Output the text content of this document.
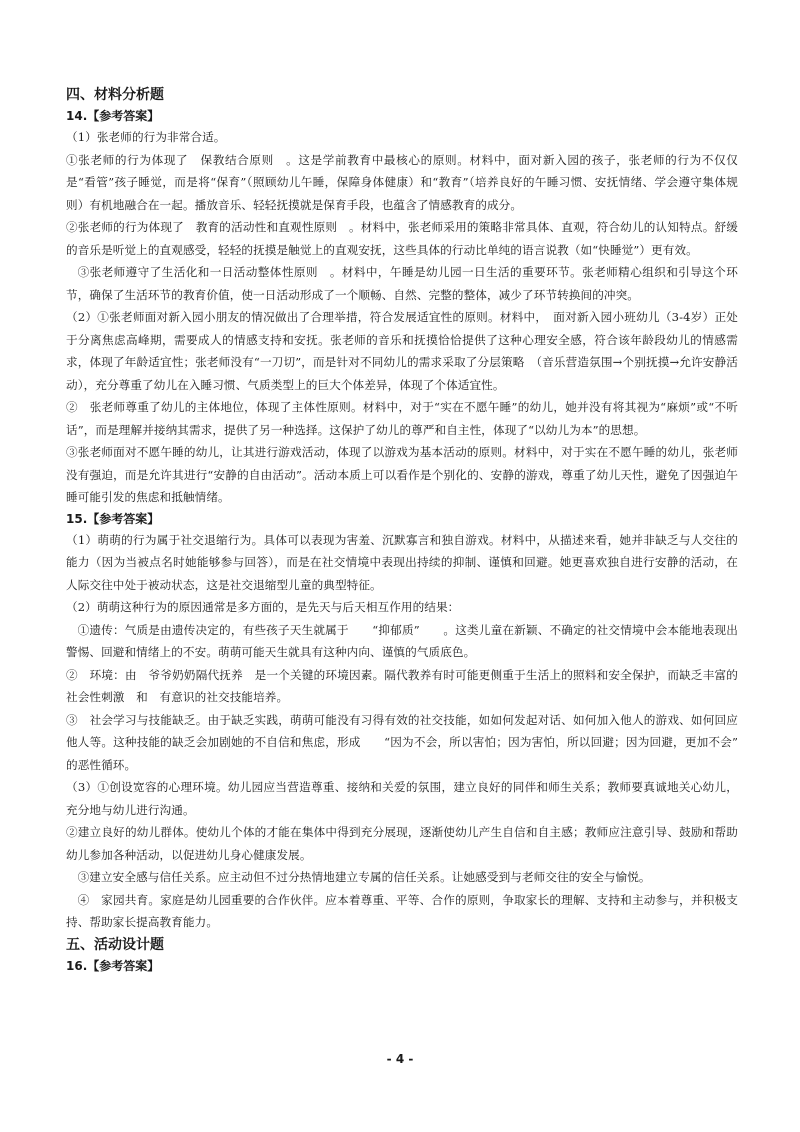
四、材料分析题

14.【参考答案】

（1）张老师的行为非常合适。

①张老师的行为体现了　保教结合原则　。这是学前教育中最核心的原则。材料中，面对新入园的孩子，张老师的行为不仅仅是“看管”孩子睡觉，而是将“保育”（照顾幼儿午睡，保障身体健康）和“教育”（培养良好的午睡习惯、安抚情绪、学会遵守集体规则）有机地融合在一起。播放音乐、轻轻抚摸就是保育手段，也蕴含了情感教育的成分。

②张老师的行为体现了　教育的活动性和直观性原则　。材料中，张老师采用的策略非常具体、直观，符合幼儿的认知特点。舒缓的音乐是听觉上的直观感受，轻轻的抚摸是触觉上的直观安抚，这些具体的行动比单纯的语言说教（如“快睡觉”）更有效。

③张老师遵守了生活化和一日活动整体性原则　。材料中，午睡是幼儿园一日生活的重要环节。张老师精心组织和引导这个环节，确保了生活环节的教育价值，使一日活动形成了一个顺畅、自然、完整的整体，减少了环节转换间的冲突。

（2）①张老师面对新入园小朋友的情况做出了合理举措，符合发展适宜性的原则。材料中，　面对新入园小班幼儿（3-4岁）正处于分离焦虑高峰期，需要成人的情感支持和安抚。张老师的音乐和抚摸恰恰提供了这种心理安全感，符合该年龄段幼儿的情感需求，体现了年龄适宜性；张老师没有“一刀切”，而是针对不同幼儿的需求采取了分层策略　（音乐营造氛围→个别抚摸→允许安静活动），充分尊重了幼儿在入睡习惯、气质类型上的巨大个体差异，体现了个体适宜性。

②　张老师尊重了幼儿的主体地位，体现了主体性原则。材料中，对于“实在不愿午睡”的幼儿，她并没有将其视为“麻烦”或“不听话”，而是理解并接纳其需求，提供了另一种选择。这保护了幼儿的尊严和自主性，体现了“以幼儿为本”的思想。

③张老师面对不愿午睡的幼儿，让其进行游戏活动，体现了以游戏为基本活动的原则。材料中，对于实在不愿午睡的幼儿，张老师没有强迫，而是允许其进行“安静的自由活动”。活动本质上可以看作是个别化的、安静的游戏，尊重了幼儿天性，避免了因强迫午睡可能引发的焦虑和抵触情绪。

15.【参考答案】

（1）萌萌的行为属于社交退缩行为。具体可以表现为害羞、沉默寡言和独自游戏。材料中，从描述来看，她并非缺乏与人交往的能力（因为当被点名时她能够参与回答），而是在社交情境中表现出持续的抑制、谨慎和回避。她更喜欢独自进行安静的活动，在人际交往中处于被动状态，这是社交退缩型儿童的典型特征。

（2）萌萌这种行为的原因通常是多方面的，是先天与后天相互作用的结果：

①遗传：气质是由遗传决定的，有些孩子天生就属于　　“抑郁质”　　。这类儿童在新颖、不确定的社交情境中会本能地表现出警惕、回避和情绪上的不安。萌萌可能天生就具有这种内向、谨慎的气质底色。

②　环境：由　爷爷奶奶隔代抚养　是一个关键的环境因素。隔代教养有时可能更侧重于生活上的照料和安全保护，而缺乏丰富的社会性刺激　和　有意识的社交技能培养。

③　社会学习与技能缺乏。由于缺乏实践，萌萌可能没有习得有效的社交技能，如如何发起对话、如何加入他人的游戏、如何回应他人等。这种技能的缺乏会加剧她的不自信和焦虑，形成　　“因为不会，所以害怕；因为害怕，所以回避；因为回避，更加不会”　　的恶性循环。

（3）①创设宽容的心理环境。幼儿园应当营造尊重、接纳和关爱的氛围，建立良好的同伴和师生关系；教师要真诚地关心幼儿，充分地与幼儿进行沟通。

②建立良好的幼儿群体。使幼儿个体的才能在集体中得到充分展现，逐渐使幼儿产生自信和自主感；教师应注意引导、鼓励和帮助幼儿参加各种活动，以促进幼儿身心健康发展。

③建立安全感与信任关系。应主动但不过分热情地建立专属的信任关系。让她感受到与老师交往的安全与愉悦。

④　家园共育。家庭是幼儿园重要的合作伙伴。应本着尊重、平等、合作的原则，争取家长的理解、支持和主动参与，并积极支持、帮助家长提高教育能力。

五、活动设计题

16.【参考答案】

- 4 -
